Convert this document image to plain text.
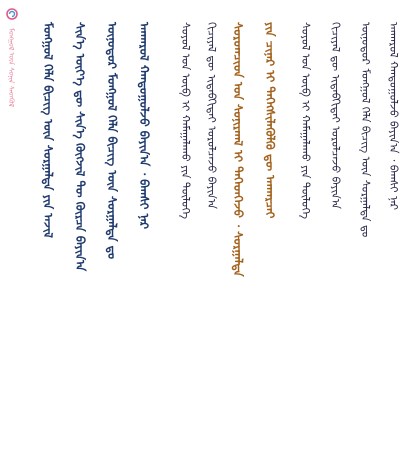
ᠮᠣᠩᠭᠣᠯ ᠦᠨ ᠰᠣᠨᠢᠨ ᠰᠡᠳᠬᠦᠯ ᠮᠣᠩᠭᠣᠯ ᠬᠡᠯᠡ ᠪᠢᠴᠢᠭ᠌ ᠦᠨ ᠰᠤᠷᠭᠠᠯᠲᠠ ᠶᠢᠨ ᠠᠵᠢᠯ ᠰᠢᠨ᠎ᠡ ᠦᠶ᠎ᠡ ᠳᠦ ᠰᠢᠨ᠎ᠡ ᠬᠥᠭᠵᠢᠯ ᠲᠦ ᠬᠦᠷᠴᠡ ᠪᠠᠶᠢᠨ᠎ᠠ ᠥᠨᠦᠳᠦᠷ ᠮᠣᠩᠭᠣᠯ ᠬᠡᠯᠡ ᠪᠢᠴᠢᠭ᠌ ᠦᠨ ᠰᠤᠷᠭᠠᠯᠲᠠ ᠳᠤ ᠠᠨᠬᠠᠷᠤᠯ ᠬᠠᠨᠳᠤᠭᠤᠯᠵᠤ ᠪᠠᠶᠢᠨ᠎ᠠ ᠂ ᠪᠠᠭᠰᠢ ᠨᠠᠷ	ᠰᠣᠶᠣᠯ ᠤᠨ ᠦᠪ ᠢ ᠬᠠᠮᠠᠭᠠᠯᠠᠬᠤ ᠶᠢᠨ ᠲᠥᠯᠦᠭᠡ ᠬᠢᠴᠢᠶᠡᠯ ᠳᠦ ᠢᠳᠡᠪᠬᠢᠲᠡᠶ ᠣᠷᠣᠯᠴᠠᠵᠤ ᠪᠠᠶᠢᠨ᠎ᠠ ᠰᠤᠷᠤᠭᠴᠢᠳ ᠤᠨ ᠰᠣᠨᠢᠷᠬᠠᠯ ᠢ ᠳᠡᠭᠡᠳᠬᠡᠵᠦ ᠂ ᠰᠤᠷᠭᠠᠯᠲᠠ ᠶᠢᠨ ᠴᠢᠨᠠᠷ ᠢ ᠳᠡᠭᠡᠭᠰᠢᠯᠡᠭᠦᠯᠬᠦ ᠳᠦ ᠠᠨᠬᠠᠷᠴᠠᠢ ᠰᠣᠶᠣᠯ ᠤᠨ ᠦᠪ ᠢ ᠬᠠᠮᠠᠭᠠᠯᠠᠬᠤ ᠶᠢᠨ ᠲᠥᠯᠦᠭᠡ ᠬᠢᠴᠢᠶᠡᠯ ᠳᠦ ᠢᠳᠡᠪᠬᠢᠲᠡᠶ ᠣᠷᠣᠯᠴᠠᠵᠤ ᠪᠠᠶᠢᠨ᠎ᠠ ᠥᠨᠦᠳᠦᠷ ᠮᠣᠩᠭᠣᠯ ᠬᠡᠯᠡ ᠪᠢᠴᠢᠭ᠌ ᠦᠨ ᠰᠤᠷᠭᠠᠯᠲᠠ ᠳᠤ ᠠᠨᠬᠠᠷᠤᠯ ᠬᠠᠨᠳᠤᠭᠤᠯᠵᠤ ᠪᠠᠶᠢᠨ᠎ᠠ ᠂ ᠪᠠᠭᠰᠢ ᠨᠠᠷ
